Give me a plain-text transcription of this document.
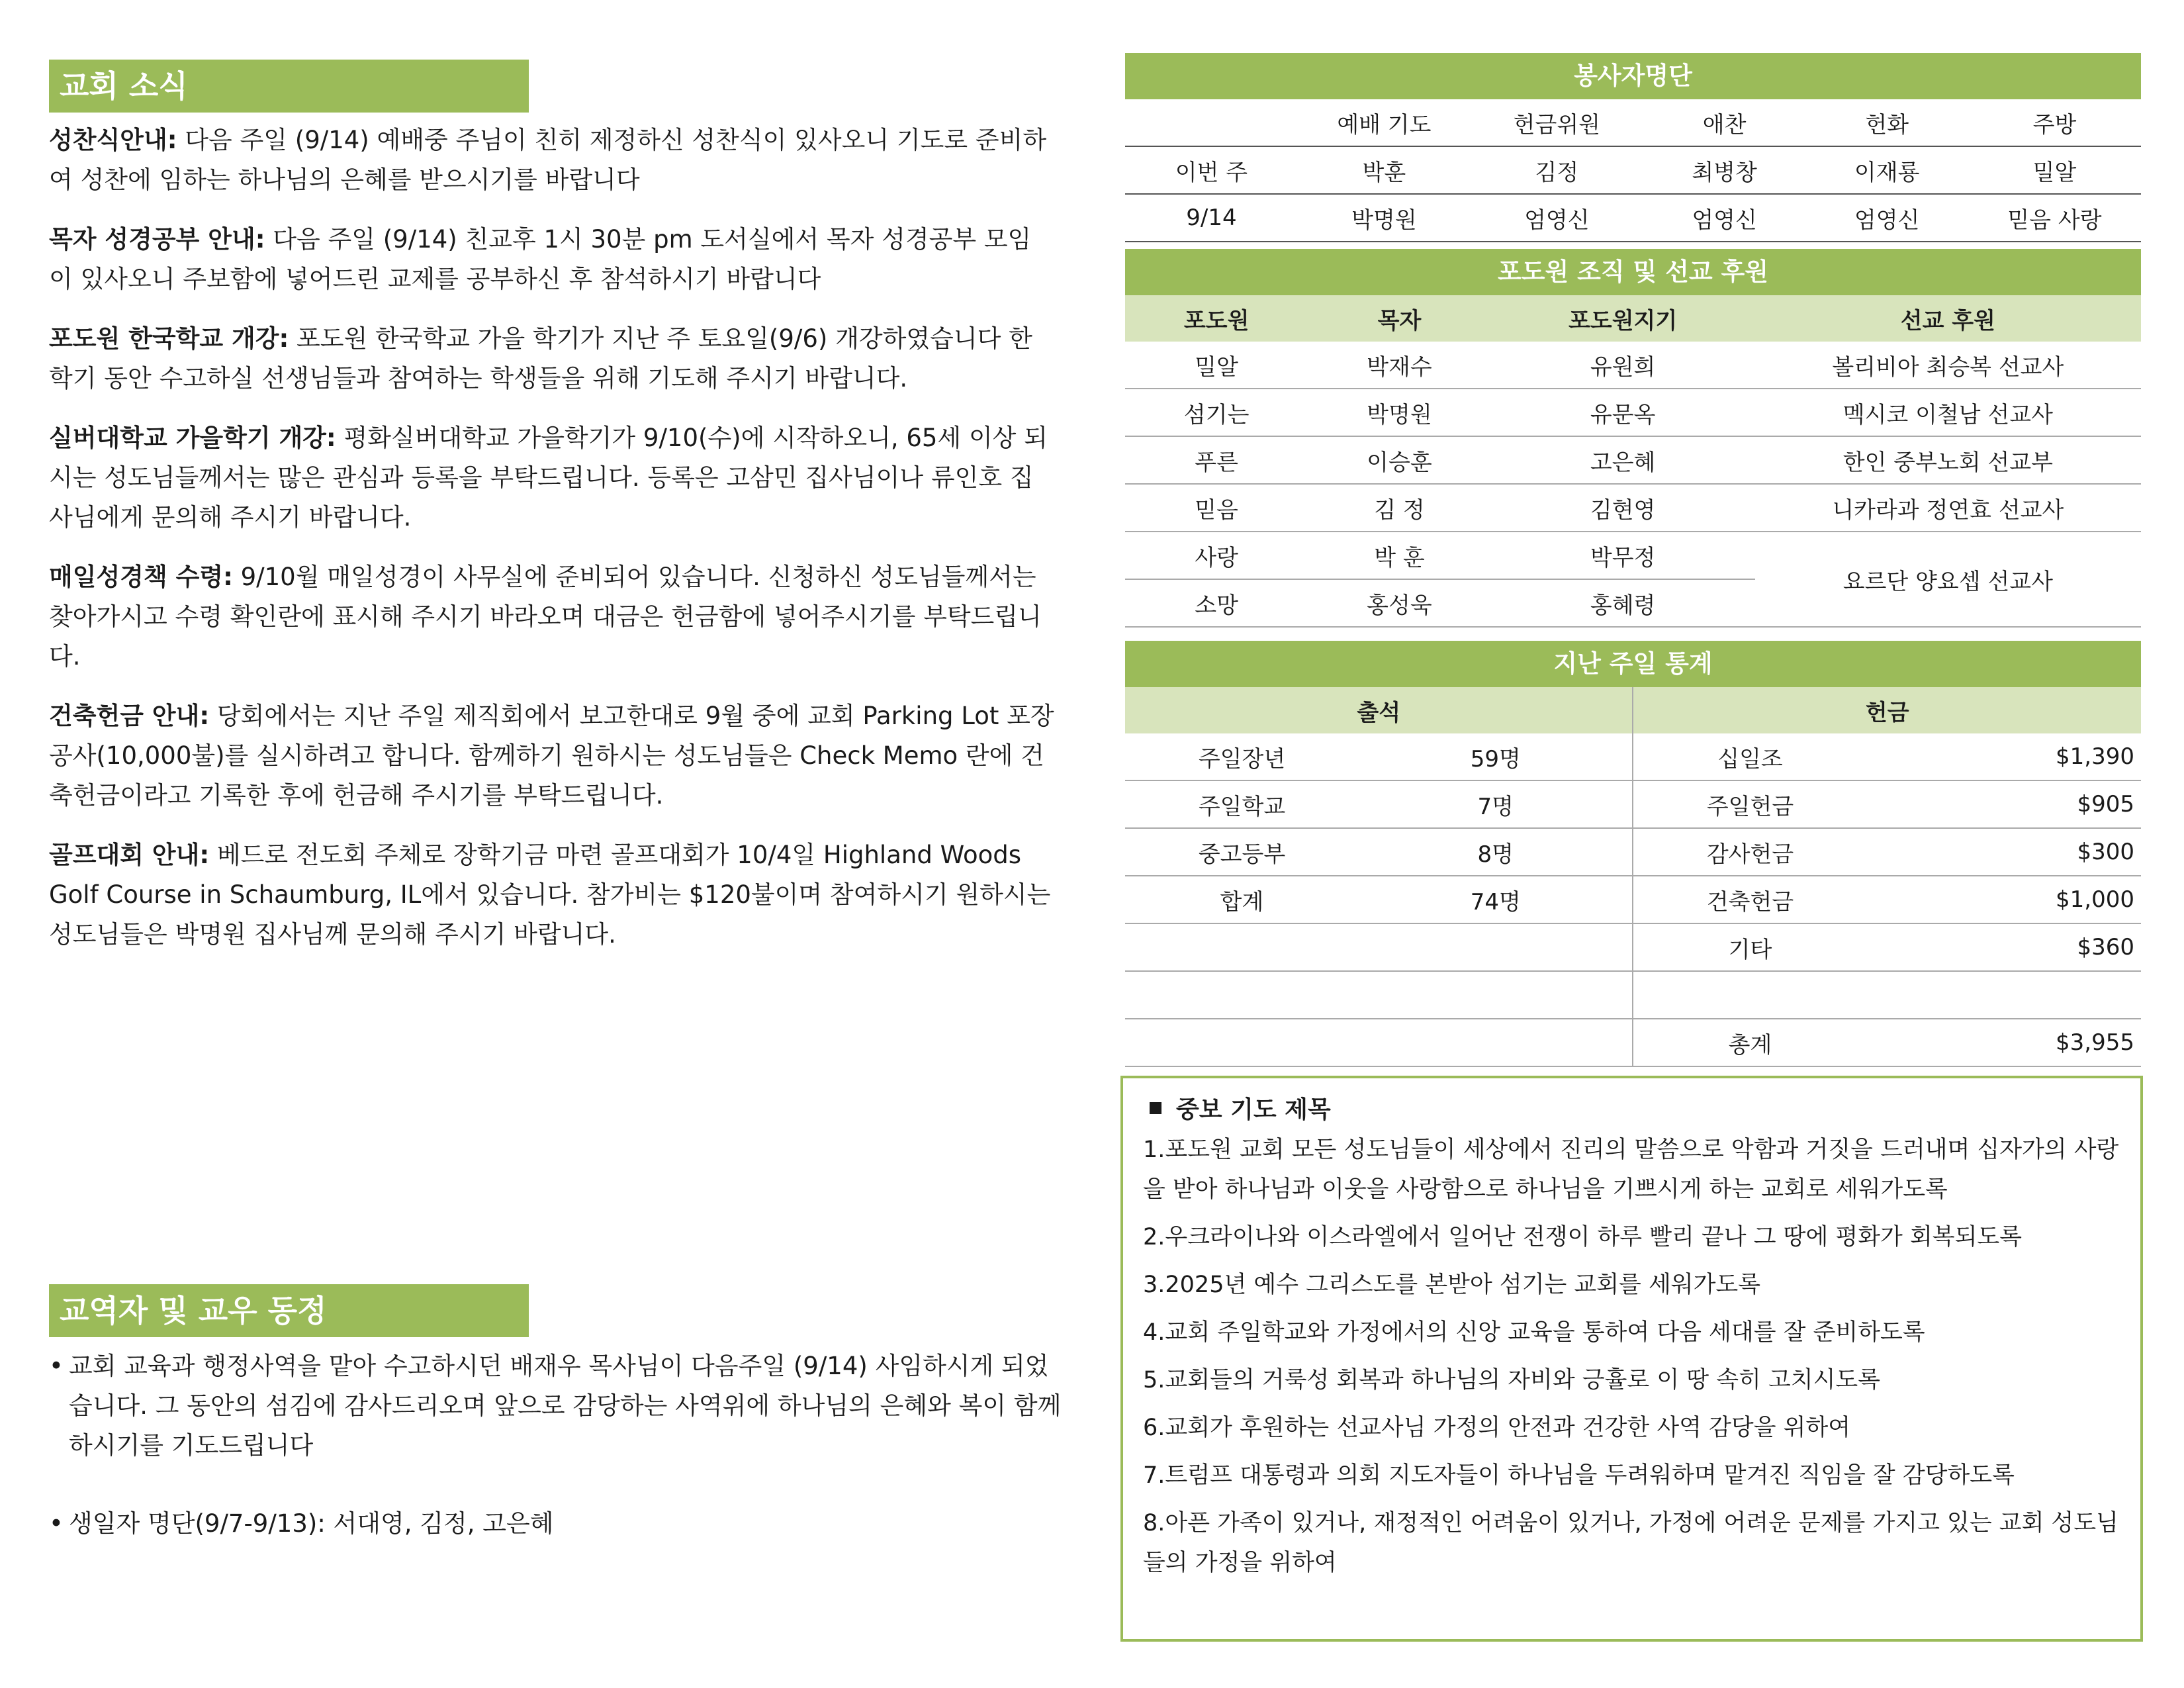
교회 소식
성찬식안내: 다음 주일 (9/14) 예배중 주님이 친히 제정하신 성찬식이 있사오니 기도로 준비하여 성찬에 임하는 하나님의 은혜를 받으시기를 바랍니다
목자 성경공부 안내: 다음 주일 (9/14) 친교후 1시 30분 pm 도서실에서 목자 성경공부 모임이 있사오니 주보함에 넣어드린 교제를 공부하신 후 참석하시기 바랍니다
포도원 한국학교 개강: 포도원 한국학교 가을 학기가 지난 주 토요일(9/6) 개강하였습니다 한학기 동안 수고하실 선생님들과 참여하는 학생들을 위해 기도해 주시기 바랍니다.
실버대학교 가을학기 개강: 평화실버대학교 가을학기가 9/10(수)에 시작하오니, 65세 이상 되시는 성도님들께서는 많은 관심과 등록을 부탁드립니다. 등록은 고삼민 집사님이나 류인호 집사님에게 문의해 주시기 바랍니다.
매일성경책 수령: 9/10월 매일성경이 사무실에 준비되어 있습니다. 신청하신 성도님들께서는 찾아가시고 수령 확인란에 표시해 주시기 바라오며 대금은 헌금함에 넣어주시기를 부탁드립니다.
건축헌금 안내: 당회에서는 지난 주일 제직회에서 보고한대로 9월 중에 교회 Parking Lot 포장 공사(10,000불)를 실시하려고 합니다. 함께하기 원하시는 성도님들은 Check Memo 란에 건축헌금이라고 기록한 후에 헌금해 주시기를 부탁드립니다.
골프대회 안내: 베드로 전도회 주체로 장학기금 마련 골프대회가 10/4일 Highland Woods Golf Course in Schaumburg, IL에서 있습니다. 참가비는 $120불이며 참여하시기 원하시는 성도님들은 박명원 집사님께 문의해 주시기 바랍니다.
교역자 및 교우 동정
• 교회 교육과 행정사역을 맡아 수고하시던 배재우 목사님이 다음주일 (9/14) 사임하시게 되었습니다. 그 동안의 섬김에 감사드리오며 앞으로 감당하는 사역위에 하나님의 은혜와 복이 함께하시기를 기도드립니다
• 생일자 명단(9/7-9/13): 서대영, 김정, 고은혜
봉사자명단
	예배 기도	헌금위원	애찬	헌화	주방
이번 주	박훈	김정	최병창	이재룡	밀알
9/14	박명원	엄영신	엄영신	엄영신	믿음 사랑
포도원 조직 및 선교 후원
포도원	목자	포도원지기	선교 후원
밀알	박재수	유원희	볼리비아 최승복 선교사
섬기는	박명원	유문옥	멕시코 이철남 선교사
푸른	이승훈	고은혜	한인 중부노회 선교부
믿음	김 정	김현영	니카라과 정연효 선교사
사랑	박 훈	박무정	요르단 양요셉 선교사
소망	홍성욱	홍혜령	
지난 주일 통계
출석		헌금	
주일장년	59명	십일조	$1,390
주일학교	7명	주일헌금	$905
중고등부	8명	감사헌금	$300
합계	74명	건축헌금	$1,000
		기타	$360

		총계	$3,955
중보 기도 제목
1.포도원 교회 모든 성도님들이 세상에서 진리의 말씀으로 악함과 거짓을 드러내며 십자가의 사랑을 받아 하나님과 이웃을 사랑함으로 하나님을 기쁘시게 하는 교회로 세워가도록
2.우크라이나와 이스라엘에서 일어난 전쟁이 하루 빨리 끝나 그 땅에 평화가 회복되도록
3.2025년 예수 그리스도를 본받아 섬기는 교회를 세워가도록
4.교회 주일학교와 가정에서의 신앙 교육을 통하여 다음 세대를 잘 준비하도록
5.교회들의 거룩성 회복과 하나님의 자비와 긍휼로 이 땅 속히 고치시도록
6.교회가 후원하는 선교사님 가정의 안전과 건강한 사역 감당을 위하여
7.트럼프 대통령과 의회 지도자들이 하나님을 두려워하며 맡겨진 직임을 잘 감당하도록
8.아픈 가족이 있거나, 재정적인 어려움이 있거나, 가정에 어려운 문제를 가지고 있는 교회 성도님들의 가정을 위하여
